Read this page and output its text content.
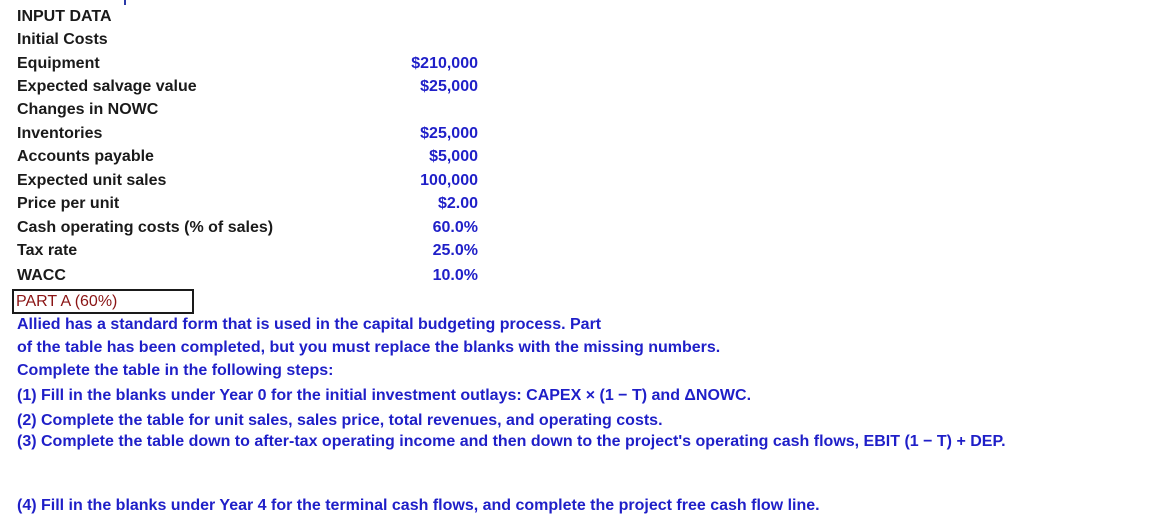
INPUT DATA
Initial Costs
Equipment	$210,000
Expected salvage value	$25,000
Changes in NOWC
Inventories	$25,000
Accounts payable	$5,000
Expected unit sales	100,000
Price per unit	$2.00
Cash operating costs (% of sales)	60.0%
Tax rate	25.0%
WACC	10.0%
PART A (60%)
Allied has a standard form that is used in the capital budgeting process. Part
of the table has been completed, but you must replace the blanks with the missing numbers.
Complete the table in the following steps:
(1) Fill in the blanks under Year 0 for the initial investment outlays: CAPEX × (1 − T) and ΔNOWC.
(2) Complete the table for unit sales, sales price, total revenues, and operating costs.
(3) Complete the table down to after-tax operating income and then down to the project's operating cash flows, EBIT (1 − T) + DEP.
(4) Fill in the blanks under Year 4 for the terminal cash flows, and complete the project free cash flow line.
